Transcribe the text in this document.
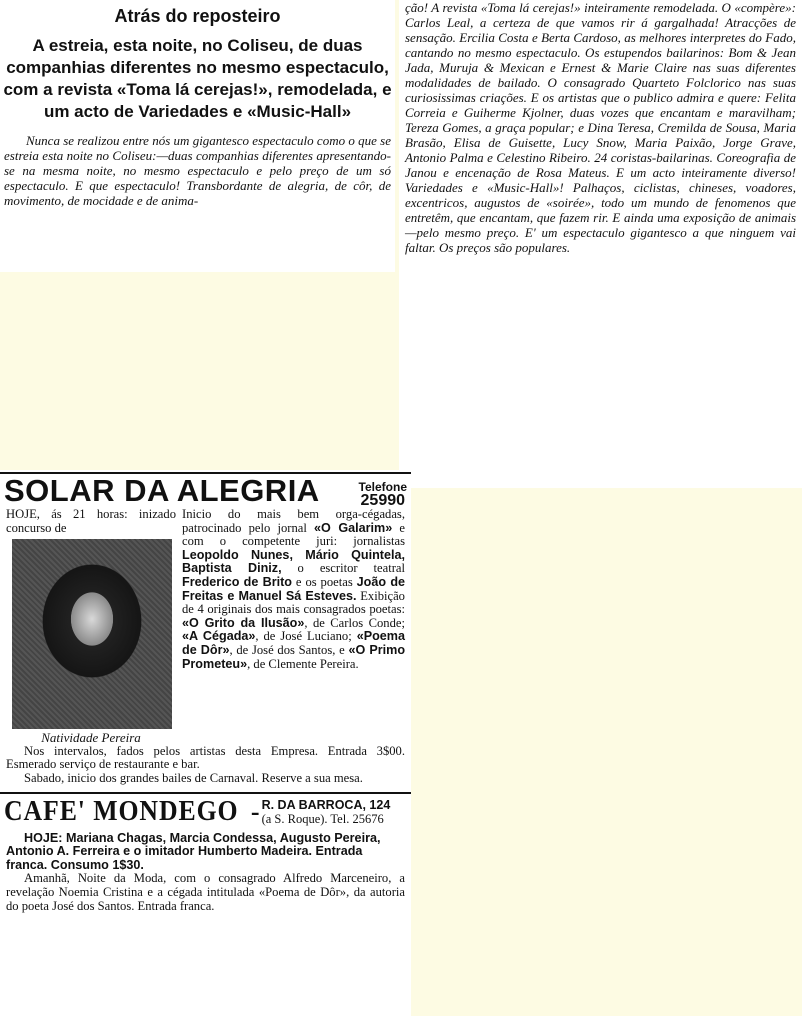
Atrás do reposteiro
A estreia, esta noite, no Coliseu, de duas companhias diferentes no mesmo espectaculo, com a revista «Toma lá cerejas!», remodelada, e um acto de Variedades e «Music-Hall»

Nunca se realizou entre nós um gigantesco espectaculo como o que se estreia esta noite no Coliseu:—duas companhias diferentes apresentando-se na mesma noite, no mesmo espectaculo e pelo preço de um só espectaculo. E que espectaculo! Transbordante de alegria, de côr, de movimento, de mocidade e de anima-

ção! A revista «Toma lá cerejas!» inteiramente remodelada. O «compère»: Carlos Leal, a certeza de que vamos rir á gargalhada! Atracções de sensação. Ercilia Costa e Berta Cardoso, as melhores interpretes do Fado, cantando no mesmo espectaculo. Os estupendos bailarinos: Bom & Jean Jada, Muruja & Mexican e Ernest & Marie Claire nas suas diferentes modalidades de bailado. O consagrado Quarteto Folclorico nas suas curiosissimas criações. E os artistas que o publico admira e quere: Felita Correia e Guiherme Kjolner, duas vozes que encantam e maravilham; Tereza Gomes, a graça popular; e Dina Teresa, Cremilda de Sousa, Maria Brasão, Elisa de Guisette, Lucy Snow, Maria Paixão, Jorge Grave, Antonio Palma e Celestino Ribeiro. 24 coristas-bailarinas. Coreografia de Janou e encenação de Rosa Mateus. E um acto inteiramente diverso! Variedades e «Music-Hall»! Palhaços, ciclistas, chineses, voadores, excentricos, augustos de «soirée», todo um mundo de fenomenos que entretêm, que encantam, que fazem rir. E ainda uma exposição de animais —pelo mesmo preço. E' um espectaculo gigantesco a que ninguem vai faltar. Os preços são populares.

SOLAR DA ALEGRIA	Telefone
25990

HOJE, ás 21 horas: inizado concurso de

Natividade Pereira

Inicio do mais bem orga-cégadas, patrocinado pelo jornal «O Galarim» e com o competente juri: jornalistas Leopoldo Nunes, Mário Quintela, Baptista Diniz, o escritor teatral Frederico de Brito e os poetas João de Freitas e Manuel Sá Esteves. Exibição de 4 originais dos mais consagrados poetas: «O Grito da Ilusão», de Carlos Conde; «A Cégada», de José Luciano; «Poema de Dôr», de José dos Santos, e «O Primo Prometeu», de Clemente Pereira.

Nos intervalos, fados pelos artistas desta Empresa. Entrada 3$00. Esmerado serviço de restaurante e bar.

Sabado, inicio dos grandes bailes de Carnaval. Reserve a sua mesa.

CAFE' MONDEGO - R. DA BARROCA, 124
(a S. Roque). Tel. 25676

HOJE: Mariana Chagas, Marcia Condessa, Augusto Pereira, Antonio A. Ferreira e o imitador Humberto Madeira. Entrada franca. Consumo 1$30.

Amanhã, Noite da Moda, com o consagrado Alfredo Marceneiro, a revelação Noemia Cristina e a cégada intitulada «Poema de Dôr», da autoria do poeta José dos Santos. Entrada franca.
